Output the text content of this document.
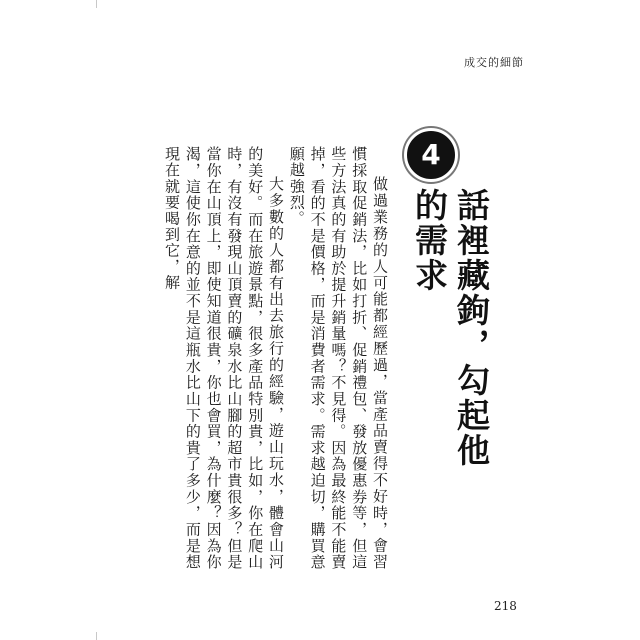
成交的細節
4
話裡藏鉤，勾起他的需求

做過業務的人可能都經歷過，當產品賣得不好時，會習慣採取促銷法，比如打折、促銷禮包、發放優惠券等，但這些方法真的有助於提升銷量嗎？不見得。因為最終能不能賣掉，看的不是價格，而是消費者需求。需求越迫切，購買意願越強烈。

大多數的人都有出去旅行的經驗，遊山玩水，體會山河的美好。而在旅遊景點，很多產品特別貴，比如，你在爬山時，有沒有發現山頂賣的礦泉水比山腳的超市貴很多？但是當你在山頂上，即使知道很貴，你也會買，為什麼？因為你渴，這使你在意的並不是這瓶水比山下的貴了多少，而是想現在就要喝到它，解

218
